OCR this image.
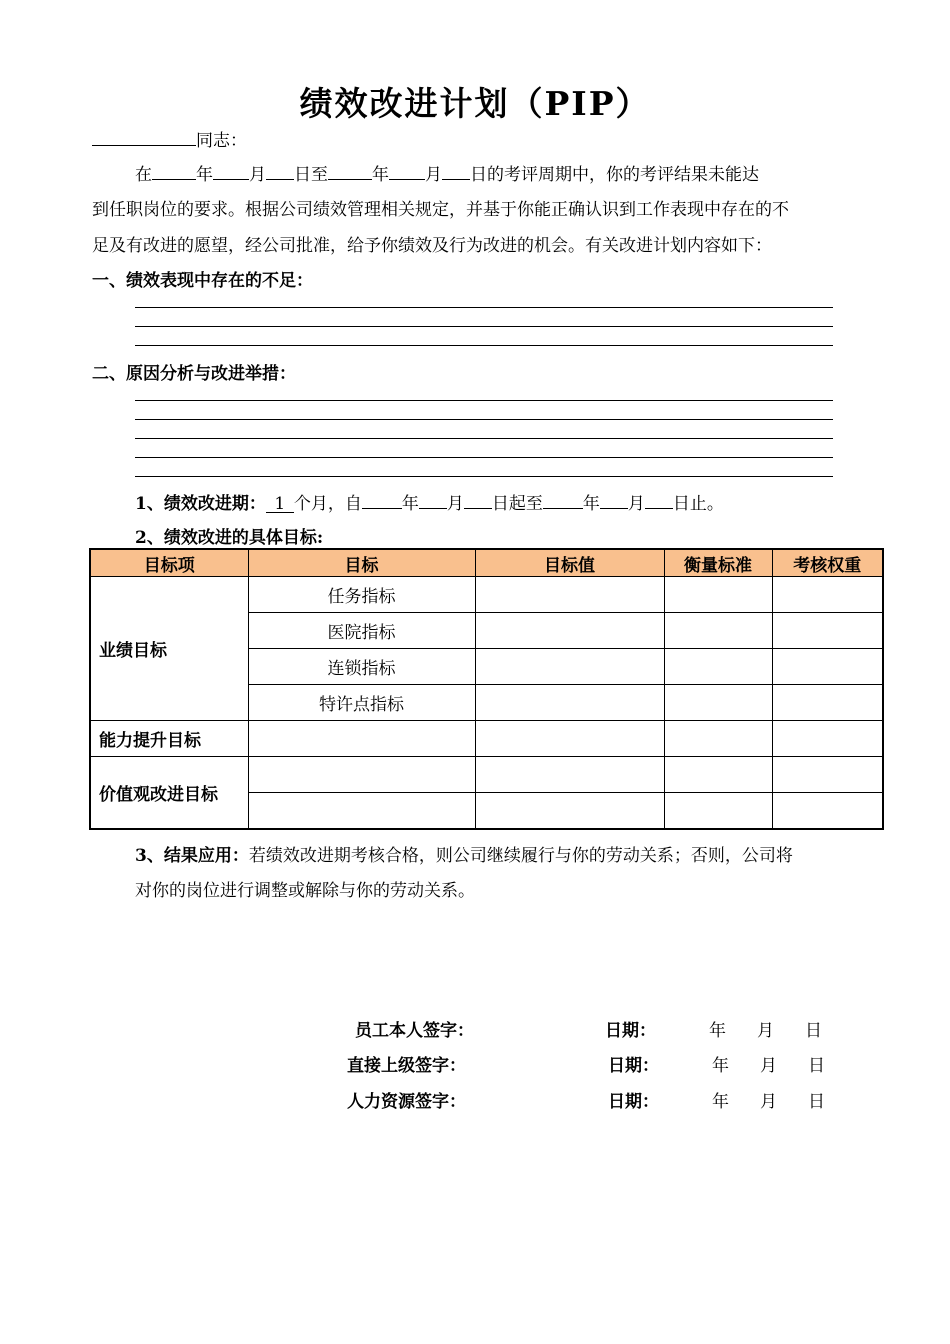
绩效改进计划（PIP）
同志：
在	年 月 日至	年 月 日的考评周期中，你的考评结果未能达
到任职岗位的要求。根据公司绩效管理相关规定，并基于你能正确认识到工作表现中存在的不
足及有改进的愿望，经公司批准，给予你绩效及行为改进的机会。有关改进计划内容如下：
一、绩效表现中存在的不足：
二、原因分析与改进举措：
1、绩效改进期： 1 个月，自 年 月 日起至 年 月 日止。
2、绩效改进的具体目标:
目标项	目标	目标值	衡量标准	考核权重
业绩目标	任务指标			
	医院指标			
	连锁指标			
	特许点指标			
能力提升目标				
价值观改进目标				

3、结果应用：若绩效改进期考核合格，则公司继续履行与你的劳动关系；否则，公司将
对你的岗位进行调整或解除与你的劳动关系。
员工本人签字：	日期：	年 月 日
直接上级签字：	日期：	年 月 日
人力资源签字：	日期：	年 月 日
